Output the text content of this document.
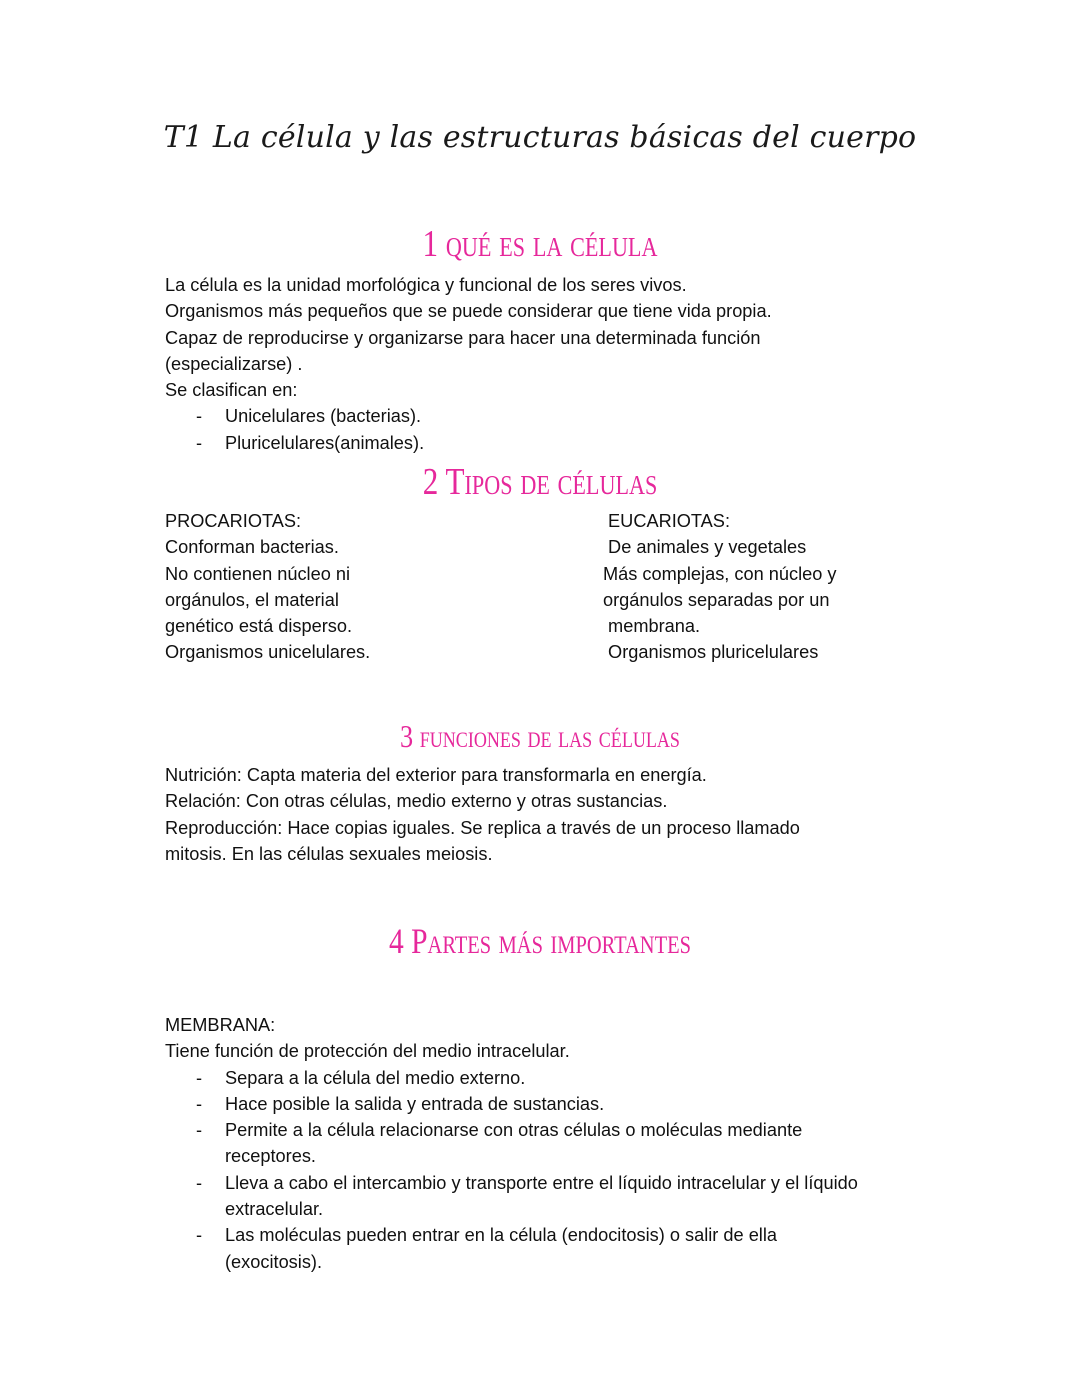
T1 La célula y las estructuras básicas del cuerpo
1 qué es la célula

La célula es la unidad morfológica y funcional de los seres vivos.

Organismos más pequeños que se puede considerar que tiene vida propia.

Capaz de reproducirse y organizarse para hacer una determinada función

(especializarse) .

Se clasifican en:

- Unicelulares (bacterias).
- Pluricelulares(animales).
2 Tipos de células

PROCARIOTAS:

Conforman bacterias.

No contienen núcleo ni

orgánulos, el material

genético está disperso.

Organismos unicelulares.

EUCARIOTAS:

De animales y vegetales

Más complejas, con núcleo y

orgánulos separadas por un

membrana.

Organismos pluricelulares

3 funciones de las células

Nutrición: Capta materia del exterior para transformarla en energía.

Relación: Con otras células, medio externo y otras sustancias.

Reproducción: Hace copias iguales. Se replica a través de un proceso llamado

mitosis. En las células sexuales meiosis.

4 Partes más importantes

MEMBRANA:

Tiene función de protección del medio intracelular.

- Separa a la célula del medio externo.
- Hace posible la salida y entrada de sustancias.
- Permite a la célula relacionarse con otras células o moléculas mediante receptores.
- Lleva a cabo el intercambio y transporte entre el líquido intracelular y el líquido extracelular.
- Las moléculas pueden entrar en la célula (endocitosis) o salir de ella (exocitosis).
